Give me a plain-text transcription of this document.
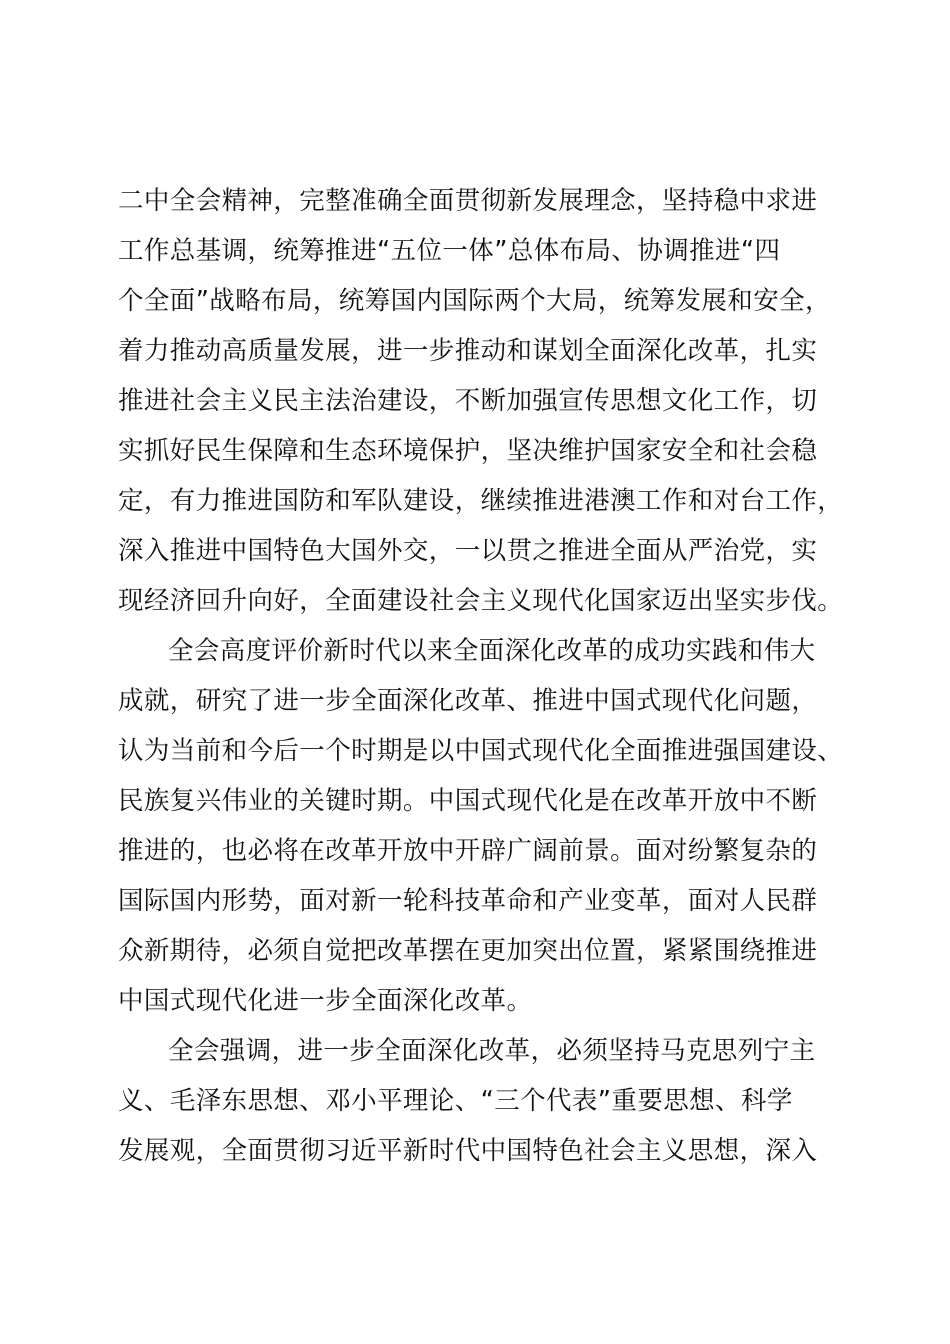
二中全会精神，完整准确全面贯彻新发展理念，坚持稳中求进
工作总基调，统筹推进“五位一体”总体布局、协调推进“四
个全面”战略布局，统筹国内国际两个大局，统筹发展和安全，
着力推动高质量发展，进一步推动和谋划全面深化改革，扎实
推进社会主义民主法治建设，不断加强宣传思想文化工作，切
实抓好民生保障和生态环境保护，坚决维护国家安全和社会稳
定，有力推进国防和军队建设，继续推进港澳工作和对台工作，
深入推进中国特色大国外交，一以贯之推进全面从严治党，实
现经济回升向好，全面建设社会主义现代化国家迈出坚实步伐。
全会高度评价新时代以来全面深化改革的成功实践和伟大
成就，研究了进一步全面深化改革、推进中国式现代化问题，
认为当前和今后一个时期是以中国式现代化全面推进强国建设、
民族复兴伟业的关键时期。中国式现代化是在改革开放中不断
推进的，也必将在改革开放中开辟广阔前景。面对纷繁复杂的
国际国内形势，面对新一轮科技革命和产业变革，面对人民群
众新期待，必须自觉把改革摆在更加突出位置，紧紧围绕推进
中国式现代化进一步全面深化改革。
全会强调，进一步全面深化改革，必须坚持马克思列宁主
义、毛泽东思想、邓小平理论、“三个代表”重要思想、科学
发展观，全面贯彻习近平新时代中国特色社会主义思想，深入
